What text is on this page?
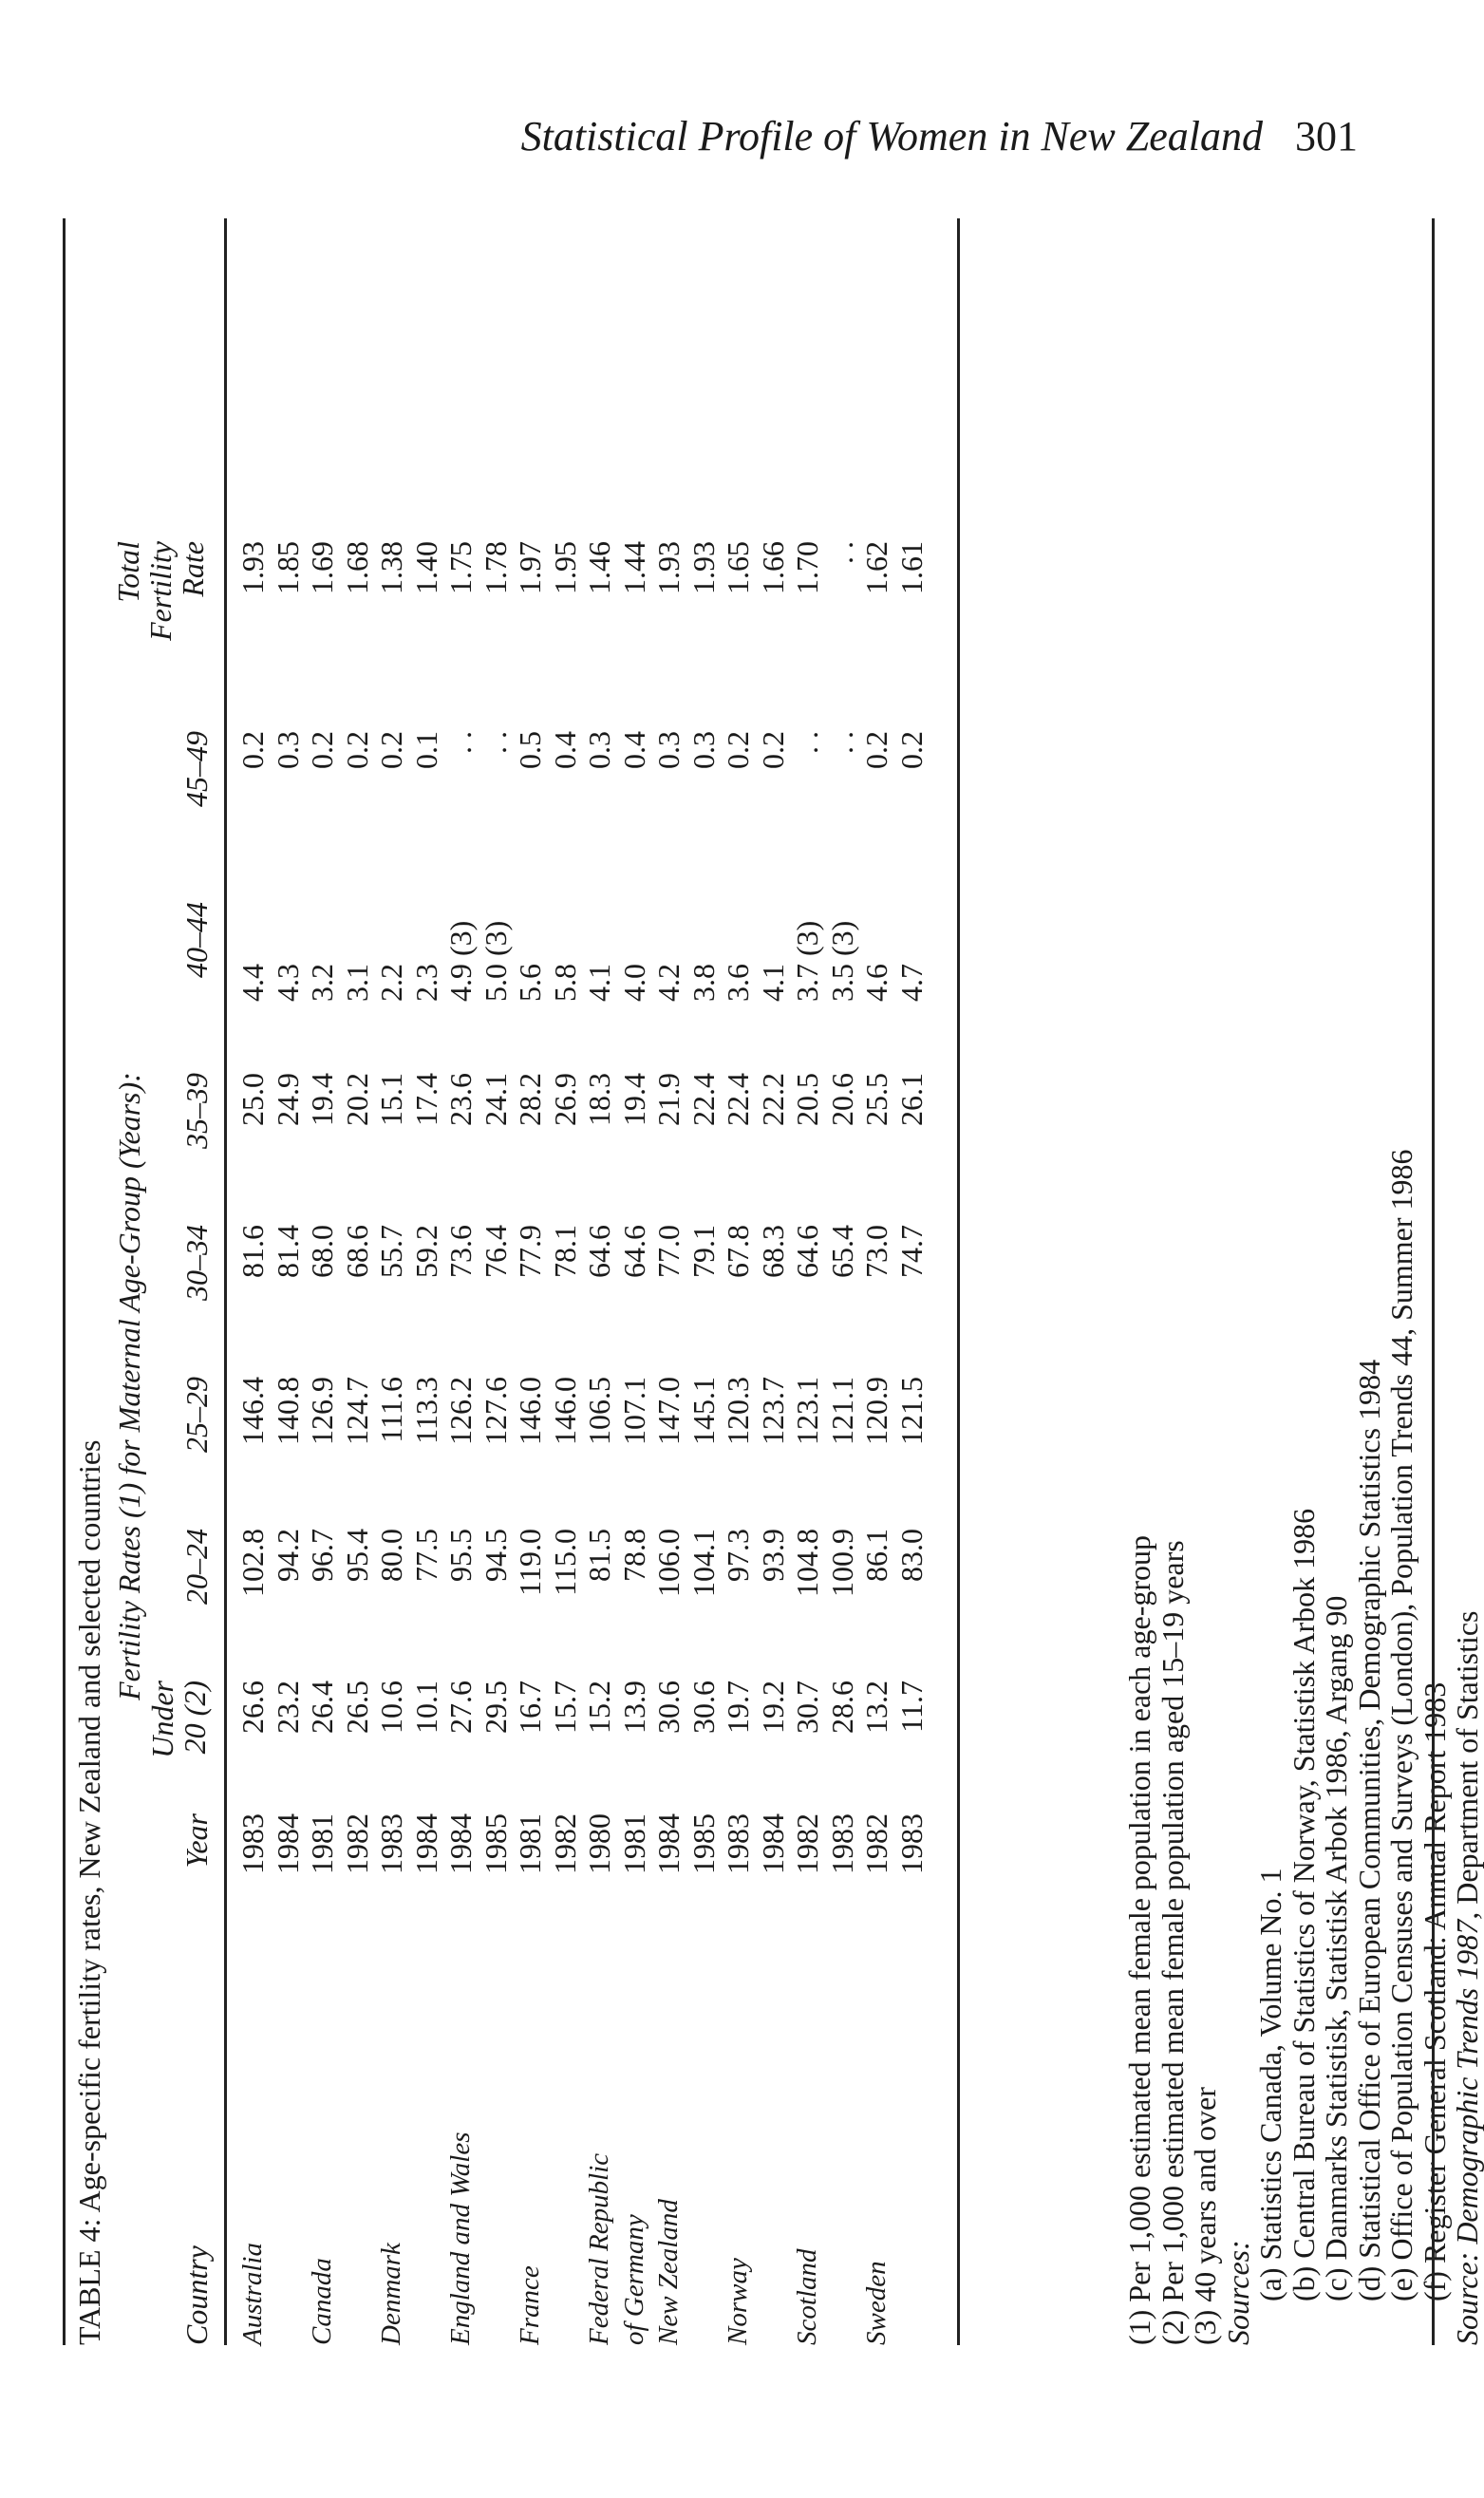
Statistical Profile of Women in New Zealand 301
TABLE 4: Age-specific fertility rates, New Zealand and selected countries
Fertility Rates (1) for Maternal Age-Group (Years):
Country
Year
Under
20 (2)
20–24
25–29
30–34
35–39
40–44
45–49
Total
Fertility
Rate
Australia Canada Denmark England and Wales France Federal Republic of Germany New Zealand Norway Scotland Sweden
1983 1984 1981 1982 1983 1984 1984 1985 1981 1982 1980 1981 1984 1985 1983 1984 1982 1983 1982 1983
26.6 23.2 26.4 26.5 10.6 10.1 27.6 29.5 16.7 15.7 15.2 13.9 30.6 30.6 19.7 19.2 30.7 28.6 13.2 11.7
102.8 94.2 96.7 95.4 80.0 77.5 95.5 94.5 119.0 115.0 81.5 78.8 106.0 104.1 97.3 93.9 104.8 100.9 86.1 83.0
146.4 140.8 126.9 124.7 111.6 113.3 126.2 127.6 146.0 146.0 106.5 107.1 147.0 145.1 120.3 123.7 123.1 121.1 120.9 121.5
81.6 81.4 68.0 68.6 55.7 59.2 73.6 76.4 77.9 78.1 64.6 64.6 77.0 79.1 67.8 68.3 64.6 65.4 73.0 74.7
25.0 24.9 19.4 20.2 15.1 17.4 23.6 24.1 28.2 26.9 18.3 19.4 21.9 22.4 22.4 22.2 20.5 20.6 25.5 26.1
4.4 4.3 3.2 3.1 2.2 2.3 4.9 (3) 5.0 (3) 5.6 5.8 4.1 4.0 4.2 3.8 3.6 4.1 3.7 (3) 3.5 (3) 4.6 4.7
0.2 0.3 0.2 0.2 0.2 0.1 . . . . 0.5 0.4 0.3 0.4 0.3 0.3 0.2 0.2 . . . . 0.2 0.2
1.93 1.85 1.69 1.68 1.38 1.40 1.75 1.78 1.97 1.95 1.46 1.44 1.93 1.93 1.65 1.66 1.70 . . 1.62 1.61
(1) Per 1,000 estimated mean female population in each age-group
(2) Per 1,000 estimated mean female population aged 15–19 years
(3) 40 years and over
Sources:
(a) Statistics Canada, Volume No. 1
(b) Central Bureau of Statistics of Norway, Statistisk Arbok 1986
(c) Danmarks Statistisk, Statistisk Arbok 1986, Argang 90
(d) Statistical Office of European Communities, Demographic Statistics 1984
(e) Office of Population Censuses and Surveys (London), Population Trends 44, Summer 1986
(f) Register General Scotland: Annual Report 1983
Source: Demographic Trends 1987, Department of Statistics
